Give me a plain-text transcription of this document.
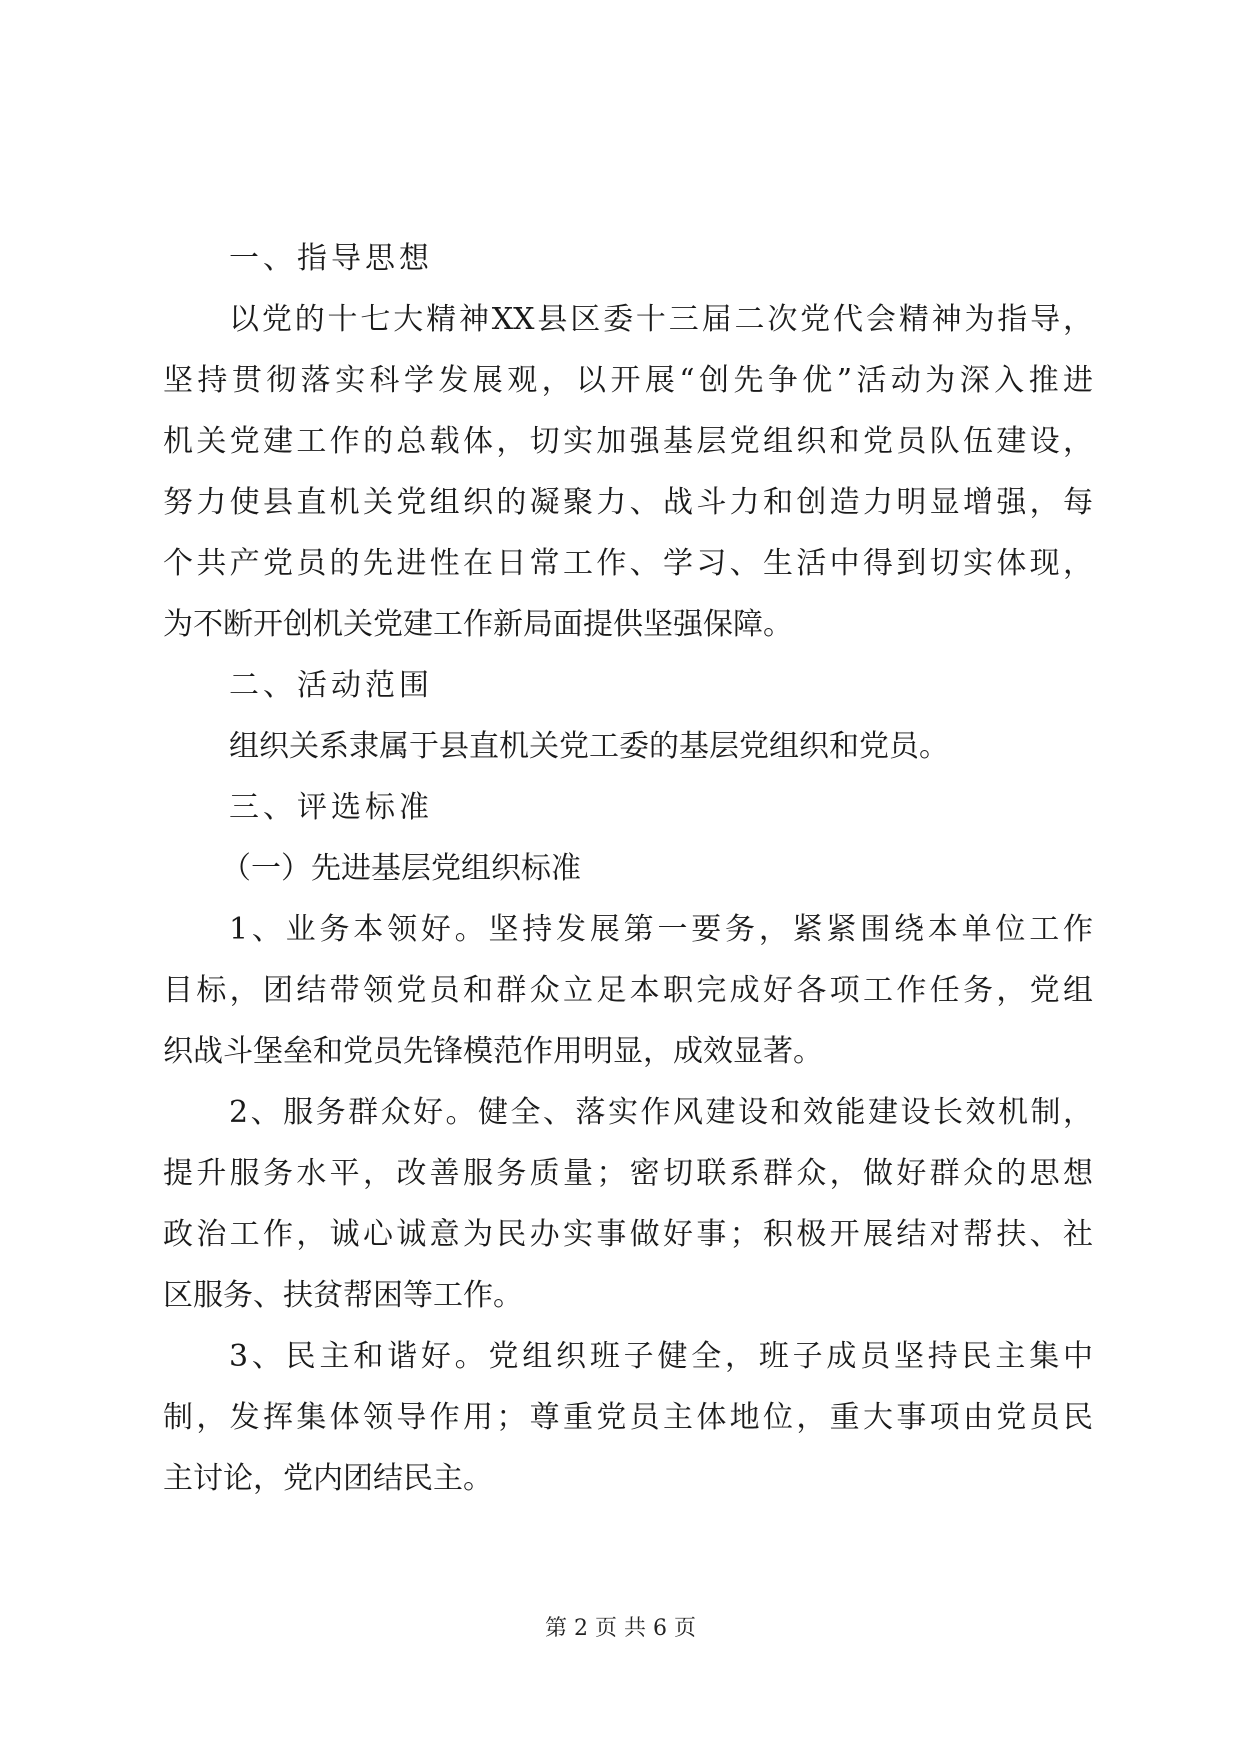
一、指导思想
以党的十七大精神XX县区委十三届二次党代会精神为指导，
坚持贯彻落实科学发展观，以开展“创先争优”活动为深入推进
机关党建工作的总载体，切实加强基层党组织和党员队伍建设，
努力使县直机关党组织的凝聚力、战斗力和创造力明显增强，每
个共产党员的先进性在日常工作、学习、生活中得到切实体现，
为不断开创机关党建工作新局面提供坚强保障。
二、活动范围
组织关系隶属于县直机关党工委的基层党组织和党员。
三、评选标准
（一）先进基层党组织标准
1、业务本领好。坚持发展第一要务，紧紧围绕本单位工作
目标，团结带领党员和群众立足本职完成好各项工作任务，党组
织战斗堡垒和党员先锋模范作用明显，成效显著。
2、服务群众好。健全、落实作风建设和效能建设长效机制，
提升服务水平，改善服务质量；密切联系群众，做好群众的思想
政治工作，诚心诚意为民办实事做好事；积极开展结对帮扶、社
区服务、扶贫帮困等工作。
3、民主和谐好。党组织班子健全，班子成员坚持民主集中
制，发挥集体领导作用；尊重党员主体地位，重大事项由党员民
主讨论，党内团结民主。
第 2 页 共 6 页
